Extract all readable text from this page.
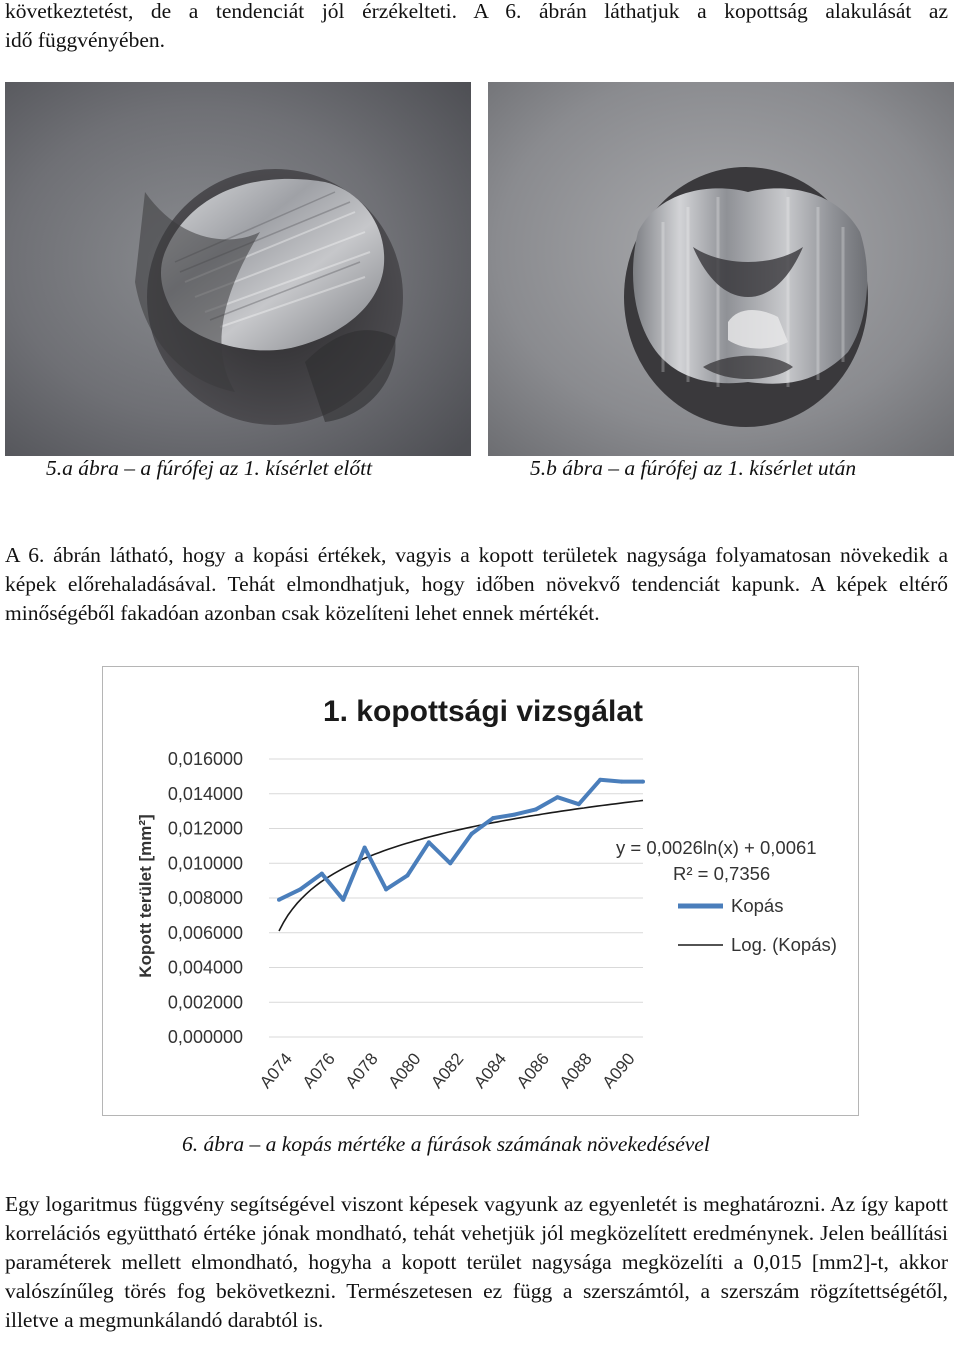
következtetést, de a tendenciát jól érzékelteti. A 6. ábrán láthatjuk a kopottság alakulását az

idő függvényében.

5.a ábra – a fúrófej az 1. kísérlet előtt	5.b ábra – a fúrófej az 1. kísérlet után

A 6. ábrán látható, hogy a kopási értékek, vagyis a kopott területek nagysága folyamatosan növekedik a képek előrehaladásával. Tehát elmondhatjuk, hogy időben növekvő tendenciát kapunk. A képek eltérő minőségéből fakadóan azonban csak közelíteni lehet ennek mértékét.

1. kopottsági vizsgálat
Kopott terület [mm²]
0,016000
0,014000
0,012000
0,010000
0,008000
0,006000
0,004000
0,002000
0,000000
A074 A076 A078 A080 A082 A084 A086 A088 A090
y = 0,0026ln(x) + 0,0061
R² = 0,7356
Kopás
Log. (Kopás)
6. ábra – a kopás mértéke a fúrások számának növekedésével

Egy logaritmus függvény segítségével viszont képesek vagyunk az egyenletét is meghatározni. Az így kapott korrelációs együttható értéke jónak mondható, tehát vehetjük jól megközelített eredménynek. Jelen beállítási paraméterek mellett elmondható, hogyha a kopott terület nagysága megközelíti a 0,015 [mm2]-t, akkor valószínűleg törés fog bekövetkezni. Természetesen ez függ a szerszámtól, a szerszám rögzítettségétől, illetve a megmunkálandó darabtól is.
